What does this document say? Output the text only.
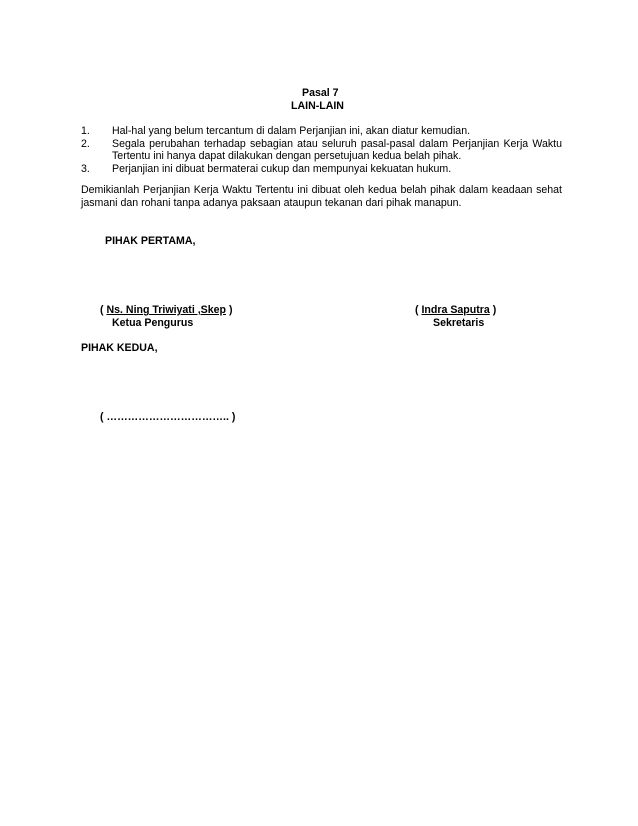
Pasal 7
LAIN-LAIN
1. Hal-hal yang belum tercantum di dalam Perjanjian ini, akan diatur kemudian.
2. Segala perubahan terhadap sebagian atau seluruh pasal-pasal dalam Perjanjian Kerja Waktu
Tertentu ini hanya dapat dilakukan dengan persetujuan kedua belah pihak.
3. Perjanjian ini dibuat bermaterai cukup dan mempunyai kekuatan hukum.
Demikianlah Perjanjian Kerja Waktu Tertentu ini dibuat oleh kedua belah pihak dalam keadaan sehat
jasmani dan rohani tanpa adanya paksaan ataupun tekanan dari pihak manapun.
PIHAK PERTAMA,
( Ns. Ning Triwiyati ,Skep )
Ketua Pengurus
( Indra Saputra )
Sekretaris
PIHAK KEDUA,
( …………………………….. )
